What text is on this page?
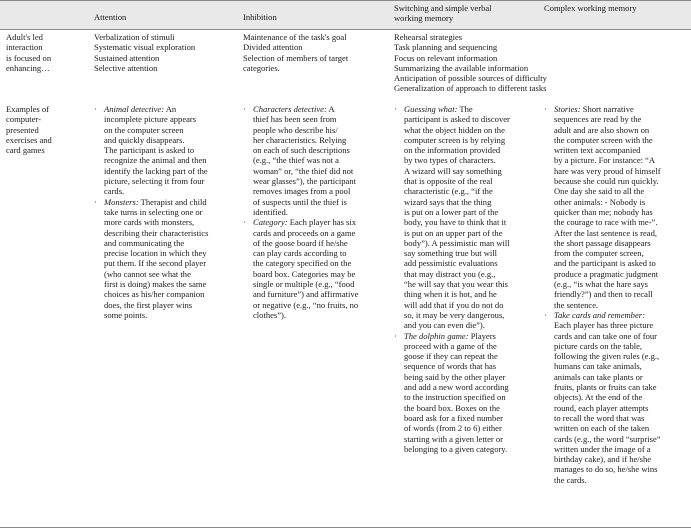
Attention	Inhibition

Switching and simple verbal

working memory

Complex working memory

Adult's led

interaction

is focused on

enhancing…

Verbalization of stimuli

Systematic visual exploration

Sustained attention

Selective attention

Maintenance of the task's goal

Divided attention

Selection of members of target

categories.

Rehearsal strategies

Task planning and sequencing

Focus on relevant information

Summarizing the available information

Anticipation of possible sources of difficulty

Generalization of approach to different tasks

Examples of

computer-

presented

exercises and

card games

· Animal detective: An
incomplete picture appears
on the computer screen
and quickly disappears.
The participant is asked to
recognize the animal and then
identify the lacking part of the
picture, selecting it from four
cards.

· Monsters: Therapist and child
take turns in selecting one or
more cards with monsters,
describing their characteristics
and communicating the
precise location in which they
put them. If the second player
(who cannot see what the
first is doing) makes the same
choices as his/her companion
does, the first player wins
some points.

· Characters detective: A
thief has been seen from
people who describe his/
her characteristics. Relying
on each of such descriptions
(e.g., “the thief was not a
woman” or, “the thief did not
wear glasses”), the participant
removes images from a pool
of suspects until the thief is
identified.

· Category: Each player has six
cards and proceeds on a game
of the goose board if he/she
can play cards according to
the category specified on the
board box. Categories may be
single or multiple (e.g., “food
and furniture”) and affirmative
or negative (e.g., “no fruits, no
clothes”).

· Guessing what: The
participant is asked to discover
what the object hidden on the
computer screen is by relying
on the information provided
by two types of characters.
A wizard will say something
that is opposite of the real
characteristic (e.g., “if the
wizard says that the thing
is put on a lower part of the
body, you have to think that it
is put on an upper part of the
body”). A pessimistic man will
say something true but will
add pessimistic evaluations
that may distract you (e.g.,
“he will say that you wear this
thing when it is hot, and he
will add that if you do not do
so, it may be very dangerous,
and you can even die”).

· The dolphin game: Players
proceed with a game of the
goose if they can repeat the
sequence of words that has
being said by the other player
and add a new word according
to the instruction specified on
the board box. Boxes on the
board ask for a fixed number
of words (from 2 to 6) either
starting with a given letter or
belonging to a given category.

· Stories: Short narrative
sequences are read by the
adult and are also shown on
the computer screen with the
written text accompanied
by a picture. For instance: “A
hare was very proud of himself
because she could run quickly.
One day she said to all the
other animals: - Nobody is
quicker than me; nobody has
the courage to race with me-”.
After the last sentence is read,
the short passage disappears
from the computer screen,
and the participant is asked to
produce a pragmatic judgment
(e.g., “is what the hare says
friendly?”) and then to recall
the sentence.

· Take cards and remember:
Each player has three picture
cards and can take one of four
picture cards on the table,
following the given rules (e.g.,
humans can take animals,
animals can take plants or
fruits, plants or fruits can take
objects). At the end of the
round, each player attempts
to recall the word that was
written on each of the taken
cards (e.g., the word “surprise”
written under the image of a
birthday cake), and if he/she
manages to do so, he/she wins
the cards.
